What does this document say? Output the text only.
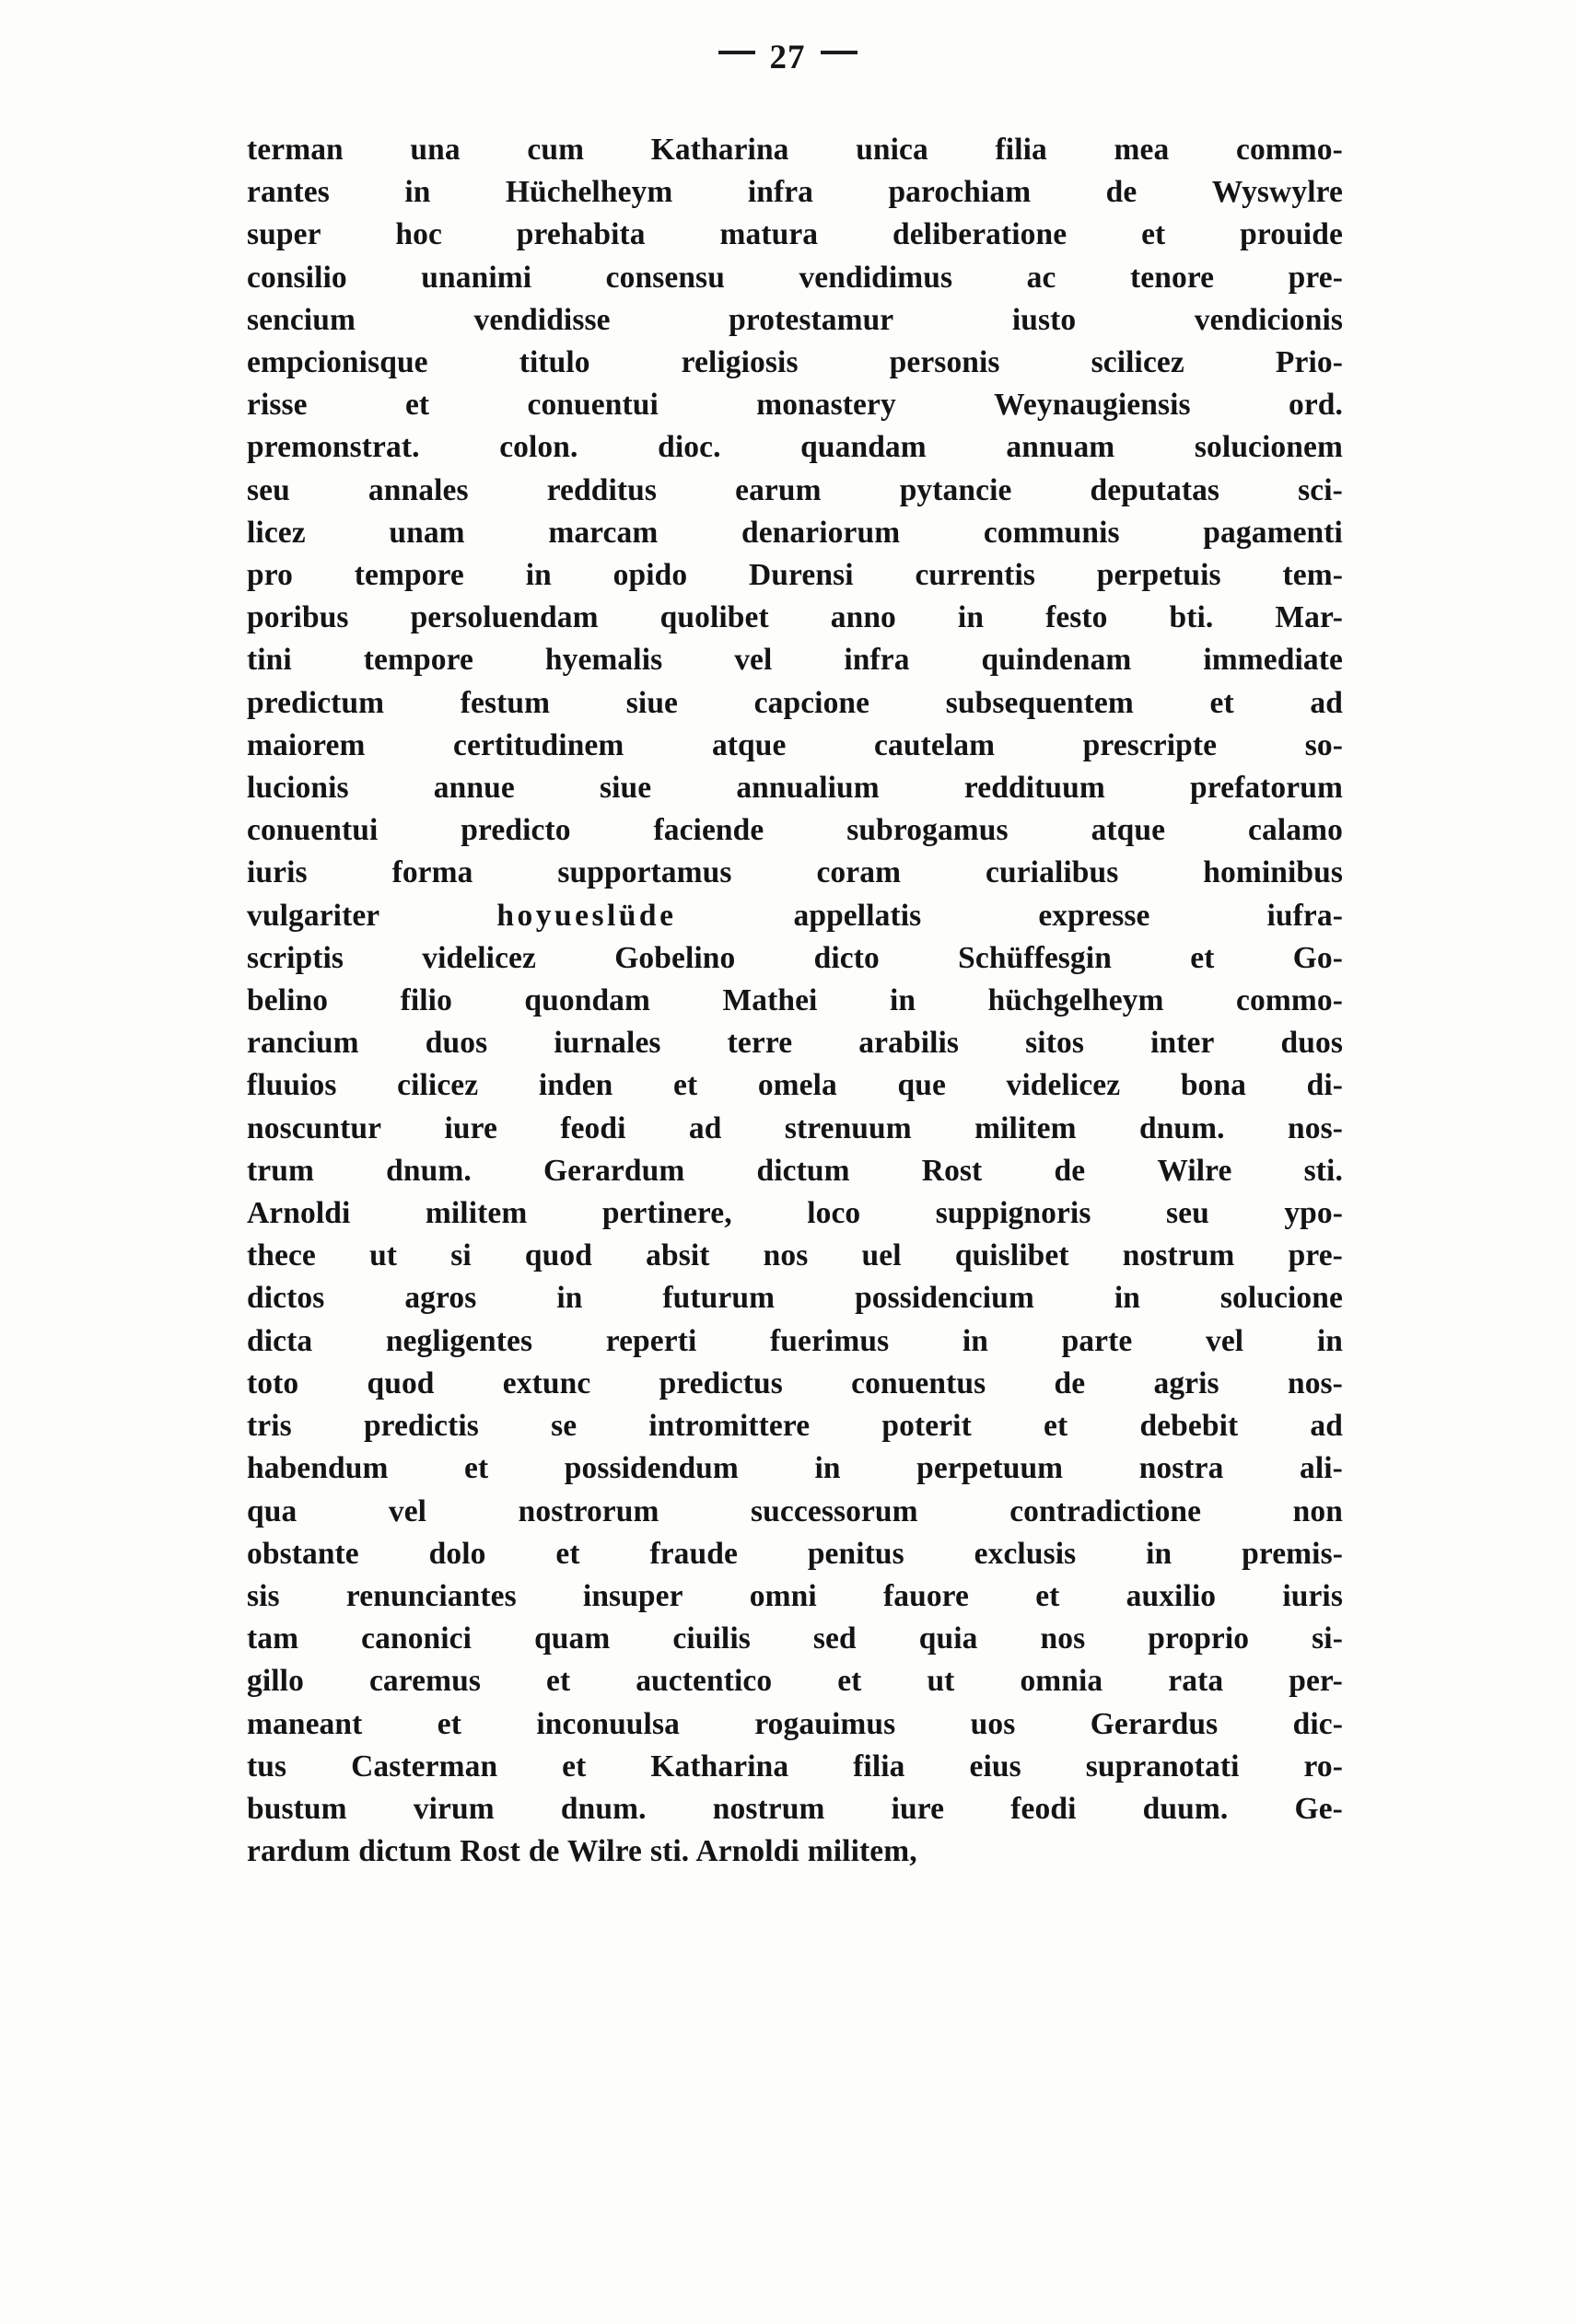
27
terman una cum Katharina unica filia mea commo-
rantes in Hüchelheym infra parochiam de Wyswylre
super hoc prehabita matura deliberatione et prouide
consilio unanimi consensu vendidimus ac tenore pre-
sencium	vendidisse	protestamur	iusto	vendicionis
empcionisque	titulo	religiosis	personis	scilicez	Prio-
risse	et	conuentui	monastery	Weynaugiensis	ord.
premonstrat.	colon.	dioc.	quandam	annuam	solucionem
seu	annales	redditus	earum	pytancie	deputatas	sci-
licez	unam	marcam	denariorum	communis	pagamenti
pro tempore in opido Durensi currentis perpetuis tem-
poribus persoluendam quolibet anno in festo bti. Mar-
tini tempore hyemalis vel infra quindenam immediate
predictum festum siue capcione subsequentem et ad
maiorem	certitudinem	atque	cautelam	prescripte	so-
lucionis	annue	siue	annualium	reddituum	prefatorum
conuentui	predicto	faciende	subrogamus	atque	calamo
iuris	forma	supportamus	coram	curialibus	hominibus
vulgariter	hoyueslüde	appellatis	expresse	iufra-
scriptis	videlicez	Gobelino	dicto	Schüffesgin	et	Go-
belino filio quondam Mathei in hüchgelheym commo-
rancium duos iurnales terre arabilis sitos inter duos
fluuios cilicez inden et omela que videlicez bona di-
noscuntur iure feodi ad strenuum militem dnum. nos-
trum dnum. Gerardum dictum Rost de Wilre sti.
Arnoldi militem pertinere, loco suppignoris seu ypo-
thece ut si quod absit nos uel quislibet nostrum pre-
dictos	agros	in	futurum	possidencium	in	solucione
dicta negligentes reperti fuerimus in parte vel in
toto quod extunc predictus conuentus de agris nos-
tris predictis se intromittere poterit et debebit ad
habendum et possidendum in perpetuum nostra ali-
qua	vel	nostrorum	successorum	contradictione	non
obstante dolo et fraude penitus exclusis in premis-
sis renunciantes insuper omni fauore et auxilio iuris
tam canonici quam ciuilis sed quia nos proprio si-
gillo caremus et auctentico et ut omnia rata per-
maneant et inconuulsa rogauimus uos Gerardus dic-
tus Casterman et Katharina filia eius supranotati ro-
bustum virum dnum. nostrum iure feodi duum. Ge-
rardum dictum Rost de Wilre sti. Arnoldi militem,
